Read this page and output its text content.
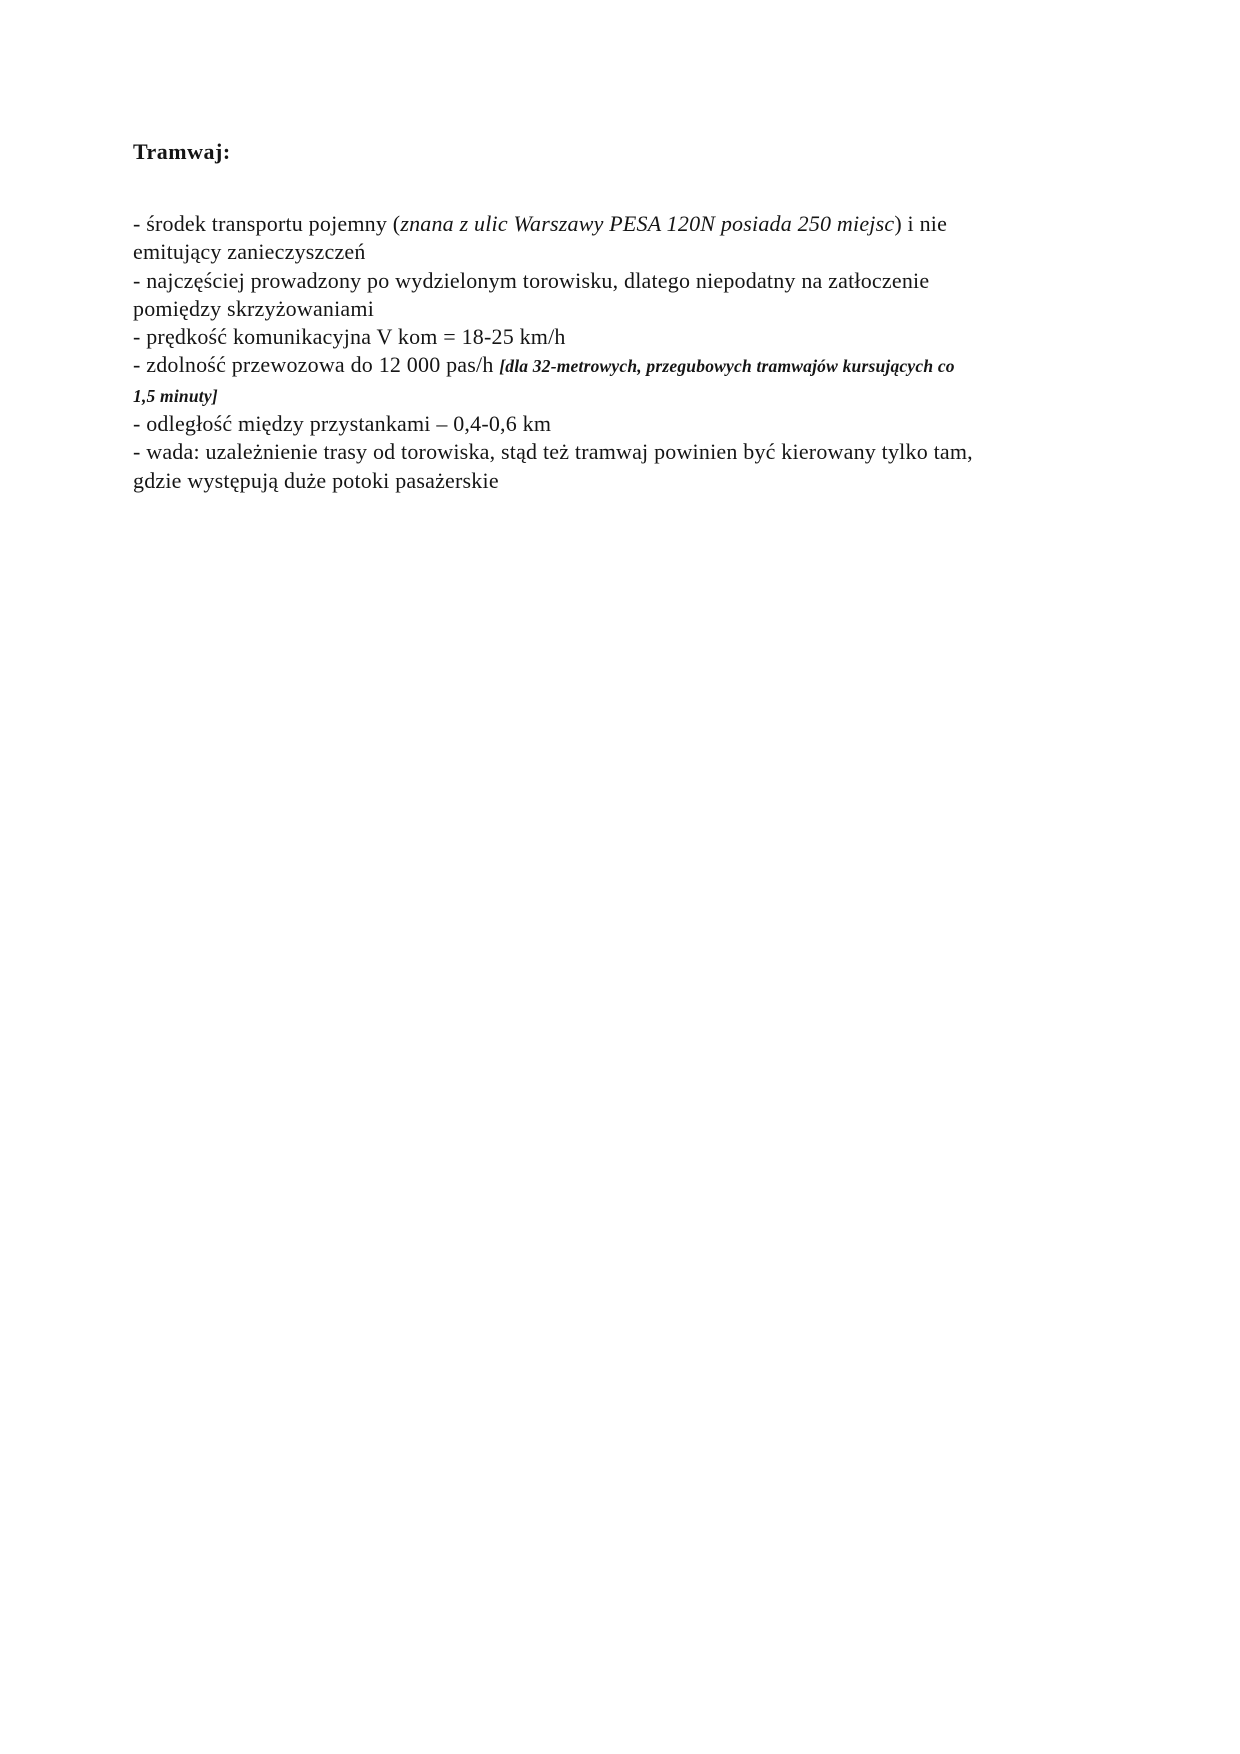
Tramwaj:
- środek transportu pojemny (znana z ulic Warszawy PESA 120N posiada 250 miejsc) i nie
emitujący zanieczyszczeń
- najczęściej prowadzony po wydzielonym torowisku, dlatego niepodatny na zatłoczenie
pomiędzy skrzyżowaniami
- prędkość komunikacyjna V kom = 18-25 km/h
- zdolność przewozowa do 12 000 pas/h [dla 32-metrowych, przegubowych tramwajów kursujących co
1,5 minuty]
- odległość między przystankami – 0,4-0,6 km
- wada: uzależnienie trasy od torowiska, stąd też tramwaj powinien być kierowany tylko tam,
gdzie występują duże potoki pasażerskie
